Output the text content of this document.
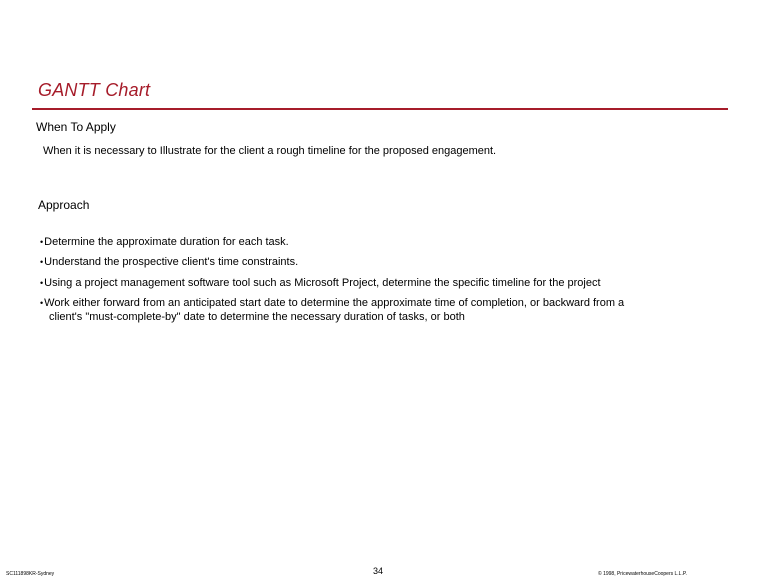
GANTT Chart
When To Apply
When it is necessary to Illustrate for the client a rough timeline for the proposed engagement.
Approach
•Determine the approximate duration for each task.
•Understand the prospective client's time constraints.
•Using a project management software tool such as Microsoft Project, determine the specific timeline for the project
•Work either forward from an anticipated start date to determine the approximate time of completion, or backward from a
client's "must-complete-by" date to determine the necessary duration of tasks, or both
SC111898KR-Sydney	34	© 1998, PricewaterhouseCoopers L.L.P.
